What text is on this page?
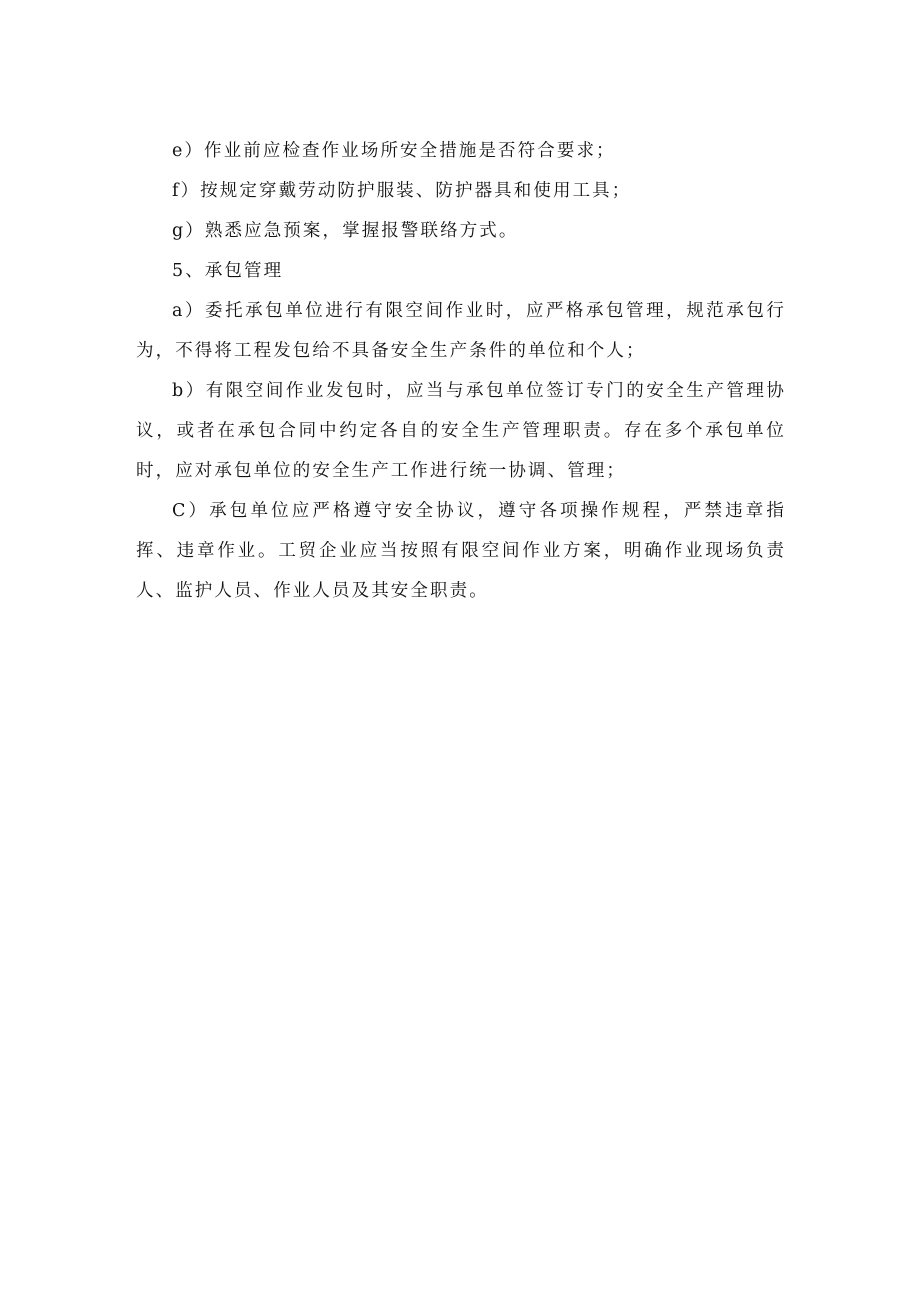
e）作业前应检查作业场所安全措施是否符合要求；

f）按规定穿戴劳动防护服装、防护器具和使用工具；

g）熟悉应急预案，掌握报警联络方式。

5、承包管理

a）委托承包单位进行有限空间作业时，应严格承包管理，规范承包行为，不得将工程发包给不具备安全生产条件的单位和个人；

b）有限空间作业发包时，应当与承包单位签订专门的安全生产管理协议，或者在承包合同中约定各自的安全生产管理职责。存在多个承包单位时，应对承包单位的安全生产工作进行统一协调、管理；

C）承包单位应严格遵守安全协议，遵守各项操作规程，严禁违章指挥、违章作业。工贸企业应当按照有限空间作业方案，明确作业现场负责人、监护人员、作业人员及其安全职责。
